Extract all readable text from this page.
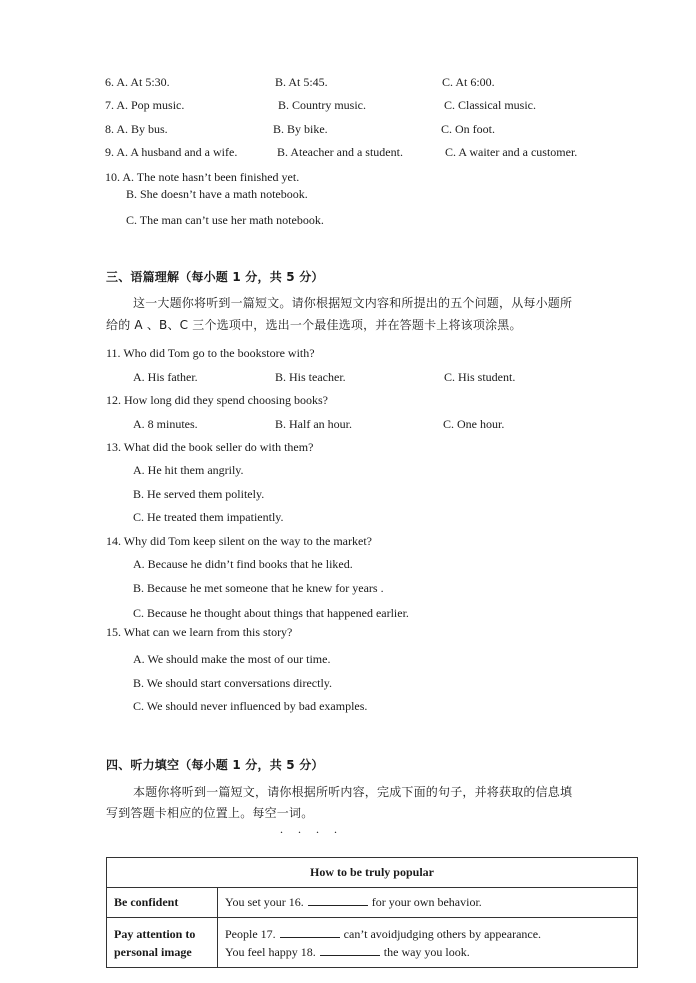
6. A. At 5:30.	B. At 5:45.	C. At 6:00.
7. A. Pop music.	B. Country music.	C. Classical music.
8. A. By bus.	B. By bike.	C. On foot.
9. A. A husband and a wife.	B. Ateacher and a student.	C. A waiter and a customer.
10. A. The note hasn’t been finished yet.
B. She doesn’t have a math notebook.
C. The man can’t use her math notebook.
三、语篇理解（每小题 1 分，共 5 分）
这一大题你将听到一篇短文。请你根据短文内容和所提出的五个问题，从每小题所
给的 A 、B、C 三个选项中，选出一个最佳选项，并在答题卡上将该项涂黑。
11. Who did Tom go to the bookstore with?
A. His father.	B. His teacher.	C. His student.
12. How long did they spend choosing books?
A. 8 minutes.	B. Half an hour.	C. One hour.
13. What did the book seller do with them?
A. He hit them angrily.
B. He served them politely.
C. He treated them impatiently.
14. Why did Tom keep silent on the way to the market?
A. Because he didn’t find books that he liked.
B. Because he met someone that he knew for years .
C. Because he thought about things that happened earlier.
15. What can we learn from this story?
A. We should make the most of our time.
B. We should start conversations directly.
C. We should never influenced by bad examples.
四、听力填空（每小题 1 分，共 5 分）
本题你将听到一篇短文，请你根据所听内容，完成下面的句子，并将获取的信息填
写到答题卡相应的位置上。每空一词。
. . . .
How to be truly popular	
Be confident	You set your 16. for your own behavior.
Pay attention to
personal image	People 17. can’t avoidjudging others by appearance.
You feel happy 18. the way you look.
